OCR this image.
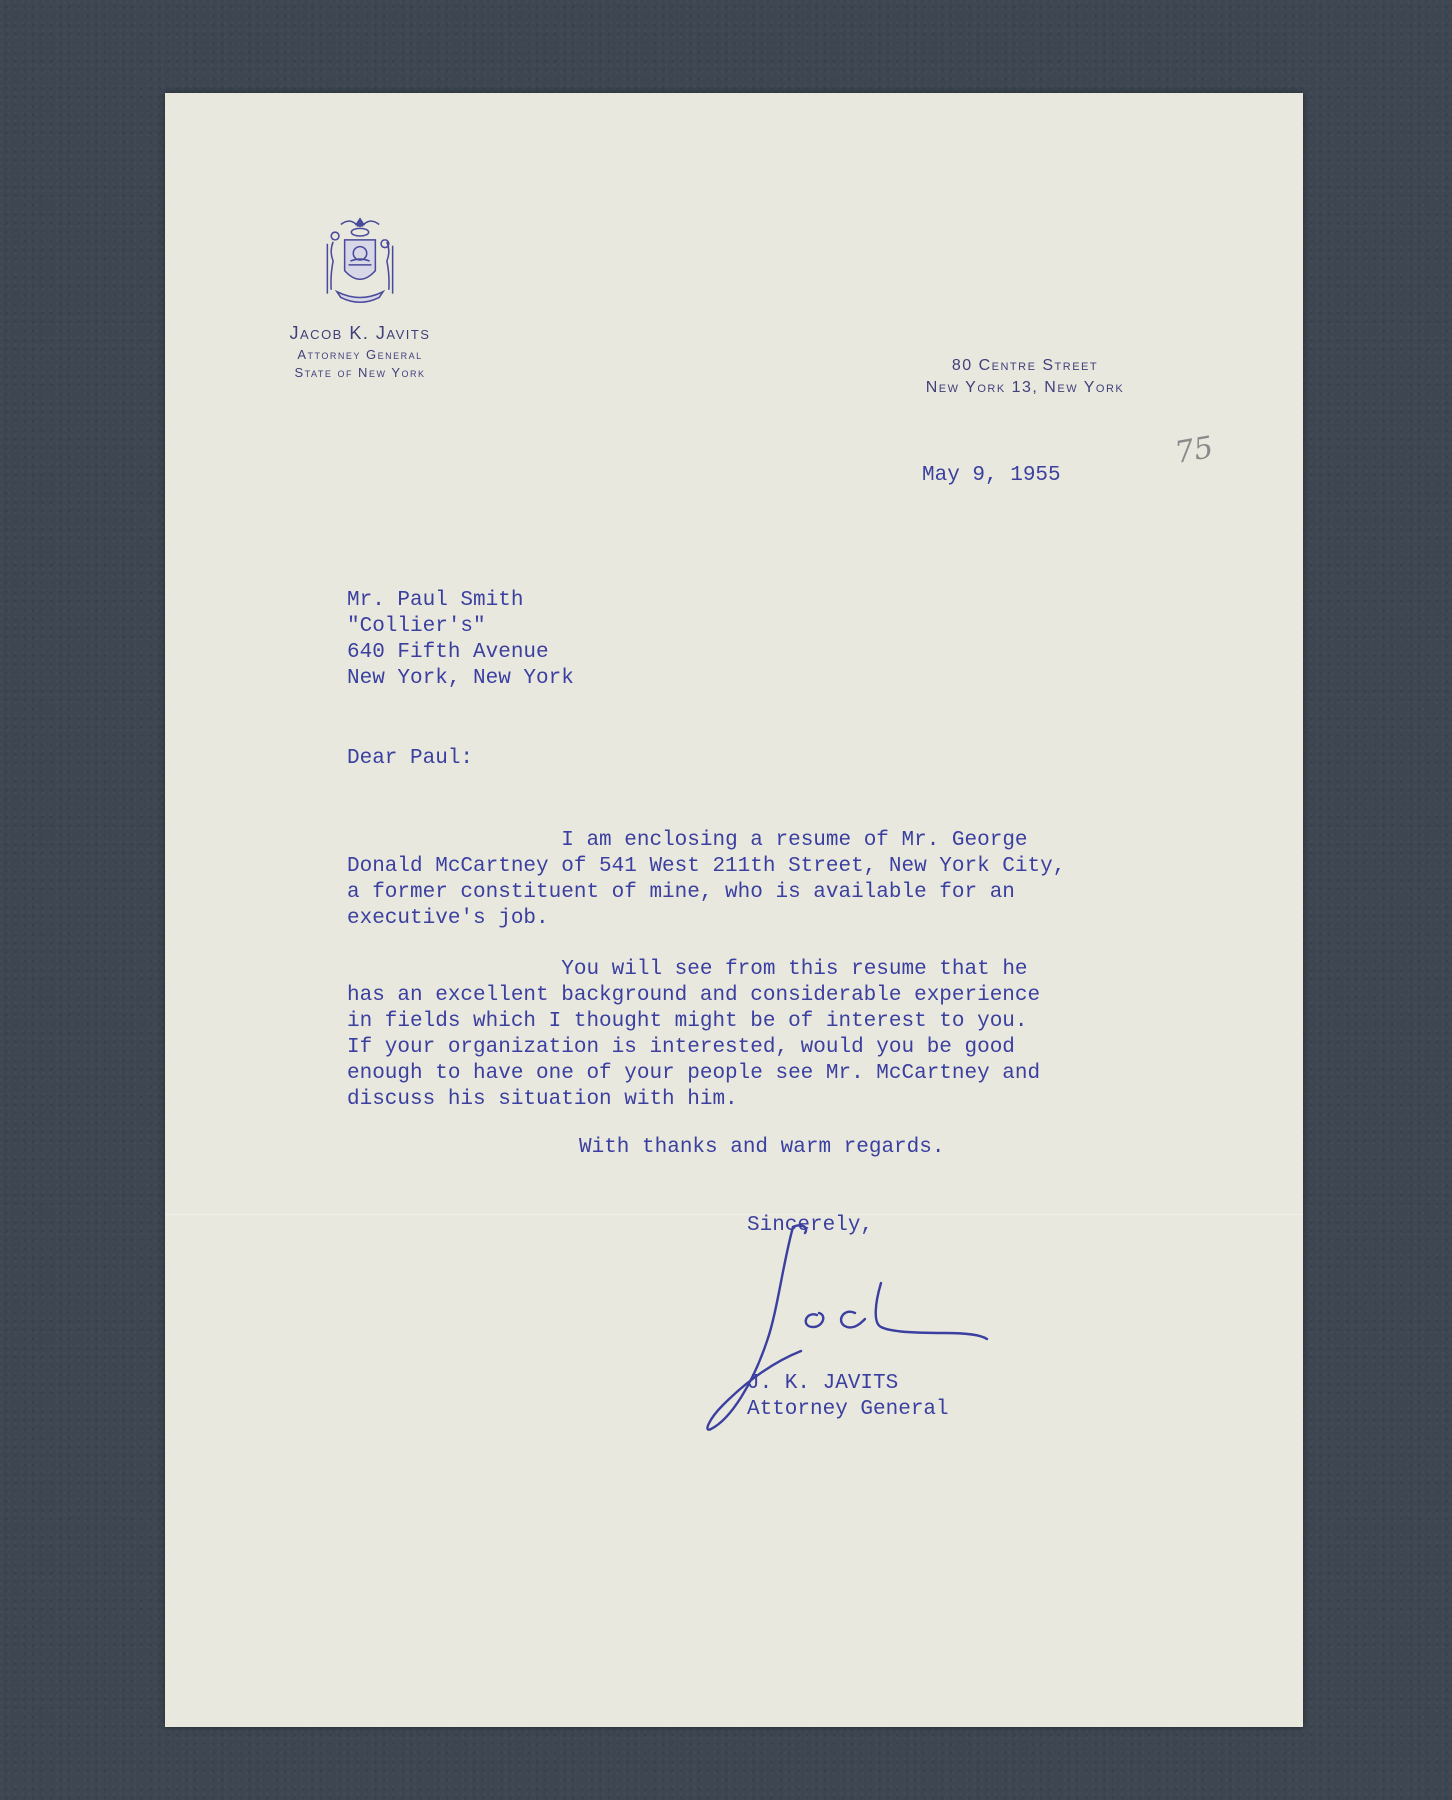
Jacob K. Javits
Attorney General
State of New York	80 Centre Street
New York 13, New York
75
May 9, 1955
Mr. Paul Smith
"Collier's"
640 Fifth Avenue
New York, New York
Dear Paul:
I am enclosing a resume of Mr. George
Donald McCartney of 541 West 211th Street, New York City,
a former constituent of mine, who is available for an
executive's job.
You will see from this resume that he
has an excellent background and considerable experience
in fields which I thought might be of interest to you.
If your organization is interested, would you be good
enough to have one of your people see Mr. McCartney and
discuss his situation with him.
With thanks and warm regards.
Sincerely,
J. K. JAVITS
Attorney General
